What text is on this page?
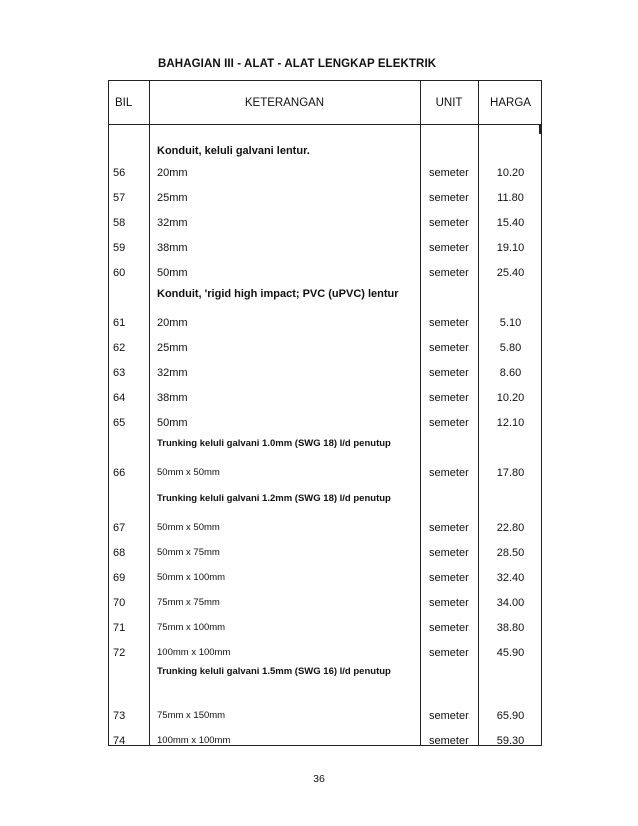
BAHAGIAN III - ALAT - ALAT LENGKAP ELEKTRIK
BIL	KETERANGAN	UNIT	HARGA
Konduit, keluli galvani lentur.
56	20mm	semeter	10.20
57	25mm	semeter	11.80
58	32mm	semeter	15.40
59	38mm	semeter	19.10
60	50mm	semeter	25.40
Konduit, 'rigid high impact; PVC (uPVC) lentur
61	20mm	semeter	5.10
62	25mm	semeter	5.80
63	32mm	semeter	8.60
64	38mm	semeter	10.20
65	50mm	semeter	12.10
Trunking keluli galvani 1.0mm (SWG 18) l/d penutup
66	50mm x 50mm	semeter	17.80
Trunking keluli galvani 1.2mm (SWG 18) l/d penutup
67	50mm x 50mm	semeter	22.80
68	50mm x 75mm	semeter	28.50
69	50mm x 100mm	semeter	32.40
70	75mm x 75mm	semeter	34.00
71	75mm x 100mm	semeter	38.80
72	100mm x 100mm	semeter	45.90
Trunking keluli galvani 1.5mm (SWG 16) l/d penutup
73	75mm x 150mm	semeter	65.90
74	100mm x 100mm	semeter	59.30
36
